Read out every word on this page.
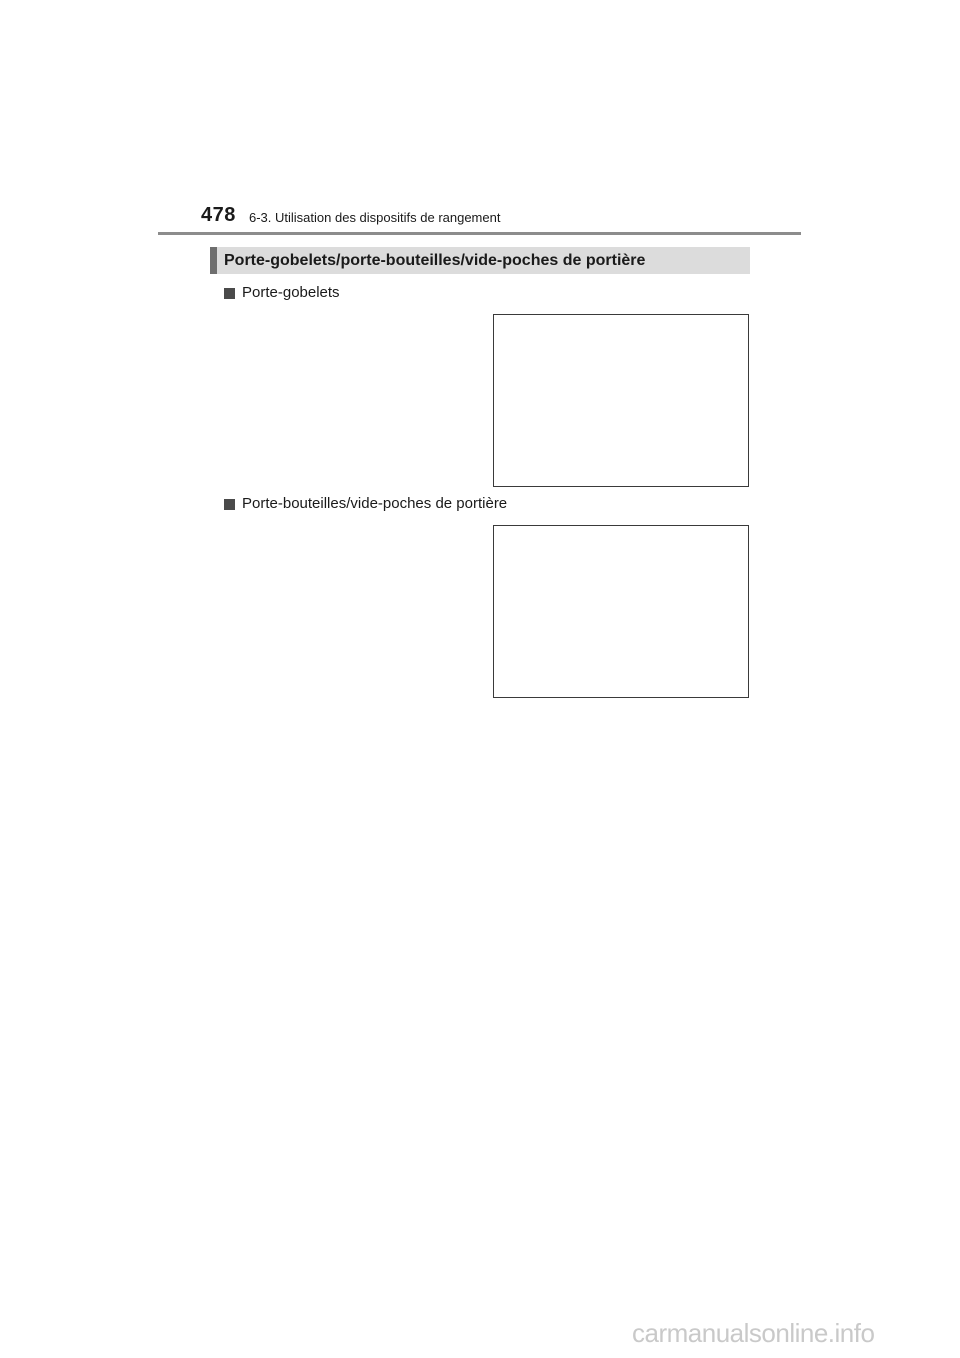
478 6-3. Utilisation des dispositifs de rangement
Porte-gobelets/porte-bouteilles/vide-poches de portière
Porte-gobelets
Porte-bouteilles/vide-poches de portière
carmanualsonline.info
